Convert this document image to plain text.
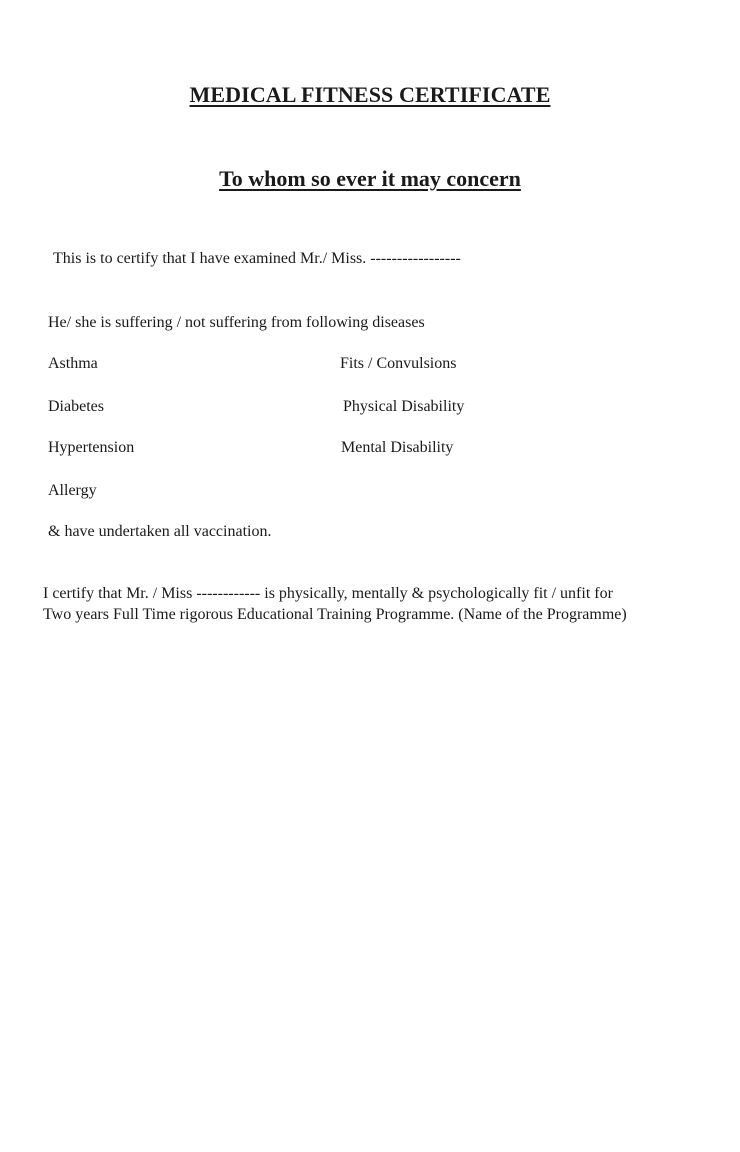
MEDICAL FITNESS CERTIFICATE
To whom so ever it may concern
This is to certify that I have examined Mr./ Miss. -----------------
He/ she is suffering / not suffering from following diseases
Asthma	Fits / Convulsions
Diabetes	Physical Disability
Hypertension	Mental Disability
Allergy
& have undertaken all vaccination.
I certify that Mr. / Miss ------------ is physically, mentally & psychologically fit / unfit for
Two years Full Time rigorous Educational Training Programme. (Name of the Programme)
